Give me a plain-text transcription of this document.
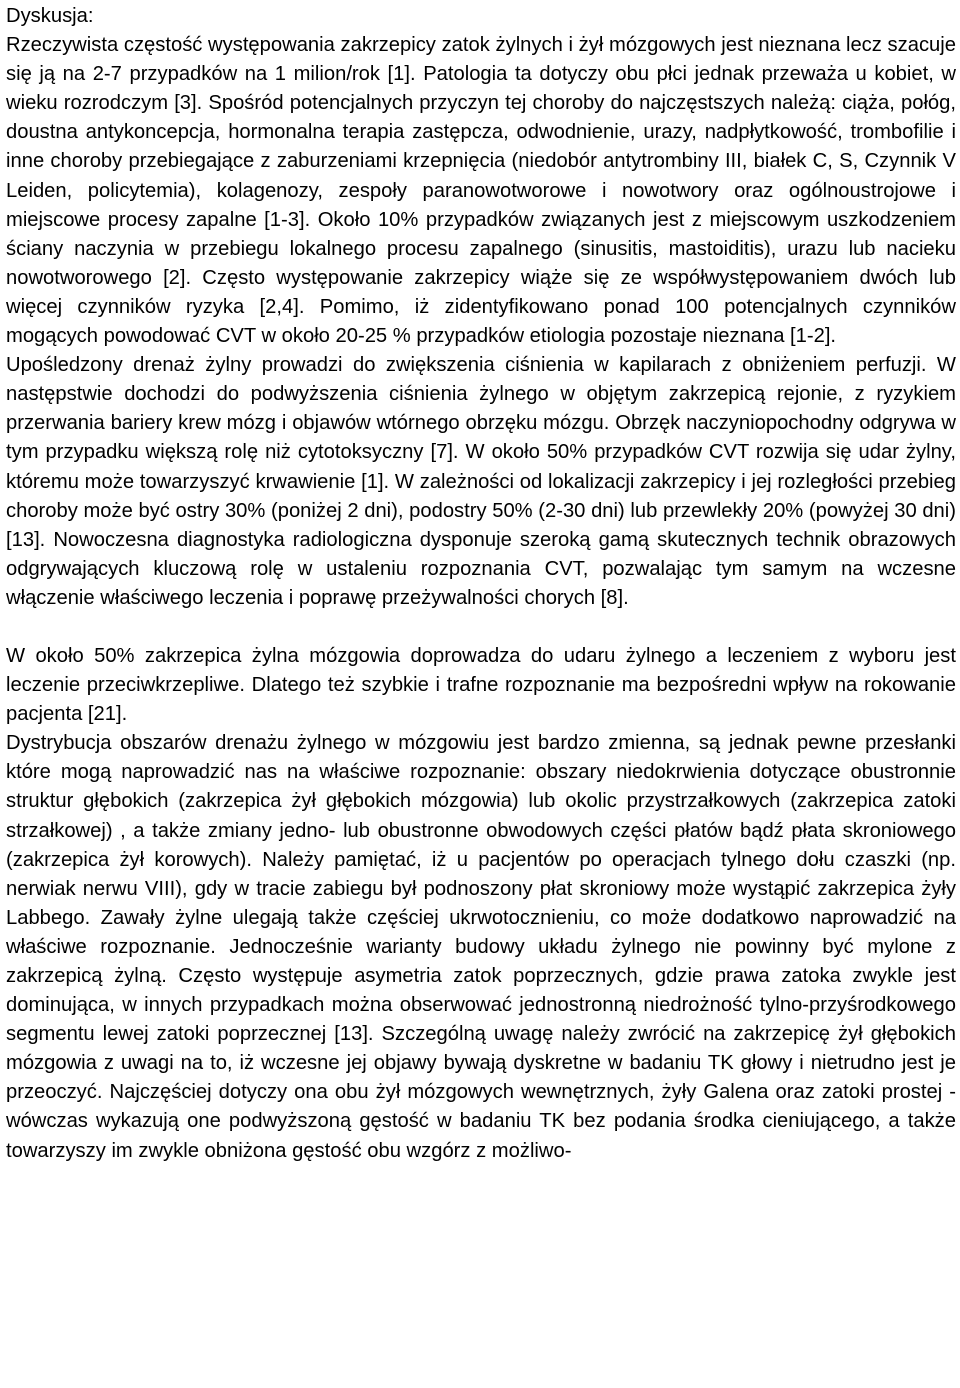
Dyskusja:

Rzeczywista częstość występowania zakrzepicy zatok żylnych i żył mózgowych jest nieznana lecz szacuje się ją na 2-7 przypadków na 1 milion/rok [1]. Patologia ta dotyczy obu płci jednak przeważa u kobiet, w wieku rozrodczym [3]. Spośród potencjalnych przyczyn tej choroby do najczęstszych należą: ciąża, połóg, doustna antykoncepcja, hormonalna terapia zastępcza, odwodnienie, urazy, nadpłytkowość, trombofilie i inne choroby przebiegające z zaburzeniami krzepnięcia (niedobór antytrombiny III, białek C, S, Czynnik V Leiden, policytemia), kolagenozy, zespoły paranowotworowe i nowotwory oraz ogólnoustrojowe i miejscowe procesy zapalne [1-3]. Około 10% przypadków związanych jest z miejscowym uszkodzeniem ściany naczynia w przebiegu lokalnego procesu zapalnego (sinusitis, mastoiditis), urazu lub nacieku nowotworowego [2]. Często występowanie zakrzepicy wiąże się ze współwystępowaniem dwóch lub więcej czynników ryzyka [2,4]. Pomimo, iż zidentyfikowano ponad 100 potencjalnych czynników mogących powodować CVT w około 20-25 % przypadków etiologia pozostaje nieznana [1-2].

Upośledzony drenaż żylny prowadzi do zwiększenia ciśnienia w kapilarach z obniżeniem perfuzji. W następstwie dochodzi do podwyższenia ciśnienia żylnego w objętym zakrzepicą rejonie, z ryzykiem przerwania bariery krew mózg i objawów wtórnego obrzęku mózgu. Obrzęk naczyniopochodny odgrywa w tym przypadku większą rolę niż cytotoksyczny [7]. W około 50% przypadków CVT rozwija się udar żylny, któremu może towarzyszyć krwawienie [1]. W zależności od lokalizacji zakrzepicy i jej rozległości przebieg choroby może być ostry 30% (poniżej 2 dni), podostry 50% (2-30 dni) lub przewlekły 20% (powyżej 30 dni) [13]. Nowoczesna diagnostyka radiologiczna dysponuje szeroką gamą skutecznych technik obrazowych odgrywających kluczową rolę w ustaleniu rozpoznania CVT, pozwalając tym samym na wczesne włączenie właściwego leczenia i poprawę przeżywalności chorych [8].

W około 50% zakrzepica żylna mózgowia doprowadza do udaru żylnego a leczeniem z wyboru jest leczenie przeciwkrzepliwe. Dlatego też szybkie i trafne rozpoznanie ma bezpośredni wpływ na rokowanie pacjenta [21].

Dystrybucja obszarów drenażu żylnego w mózgowiu jest bardzo zmienna, są jednak pewne przesłanki które mogą naprowadzić nas na właściwe rozpoznanie: obszary niedokrwienia dotyczące obustronnie struktur głębokich (zakrzepica żył głębokich mózgowia) lub okolic przystrzałkowych (zakrzepica zatoki strzałkowej) , a także zmiany jedno- lub obustronne obwodowych części płatów bądź płata skroniowego (zakrzepica żył korowych). Należy pamiętać, iż u pacjentów po operacjach tylnego dołu czaszki (np. nerwiak nerwu VIII), gdy w tracie zabiegu był podnoszony płat skroniowy może wystąpić zakrzepica żyły Labbego. Zawały żylne ulegają także częściej ukrwotocznieniu, co może dodatkowo naprowadzić na właściwe rozpoznanie. Jednocześnie warianty budowy układu żylnego nie powinny być mylone z zakrzepicą żylną. Często występuje asymetria zatok poprzecznych, gdzie prawa zatoka zwykle jest dominująca, w innych przypadkach można obserwować jednostronną niedrożność tylno-przyśrodkowego segmentu lewej zatoki poprzecznej [13]. Szczególną uwagę należy zwrócić na zakrzepicę żył głębokich mózgowia z uwagi na to, iż wczesne jej objawy bywają dyskretne w badaniu TK głowy i nietrudno jest je przeoczyć. Najczęściej dotyczy ona obu żył mózgowych wewnętrznych, żyły Galena oraz zatoki prostej - wówczas wykazują one podwyższoną gęstość w badaniu TK bez podania środka cieniującego, a także towarzyszy im zwykle obniżona gęstość obu wzgórz z możliwo-
